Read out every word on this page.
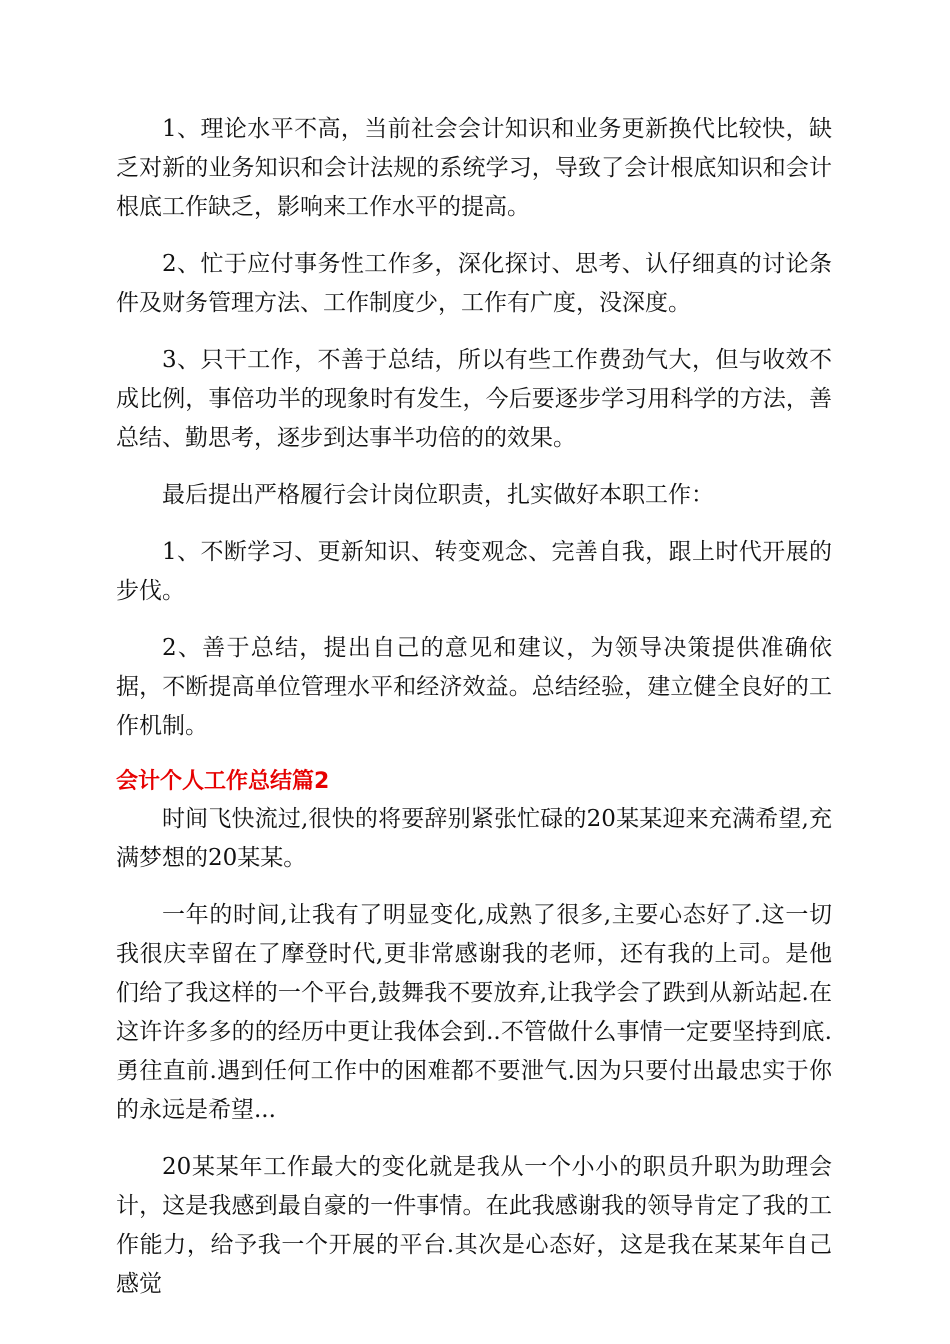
1、理论水平不高，当前社会会计知识和业务更新换代比较快，缺乏对新的业务知识和会计法规的系统学习，导致了会计根底知识和会计根底工作缺乏，影响来工作水平的提高。

2、忙于应付事务性工作多，深化探讨、思考、认仔细真的讨论条件及财务管理方法、工作制度少，工作有广度，没深度。

3、只干工作，不善于总结，所以有些工作费劲气大，但与收效不成比例，事倍功半的现象时有发生，今后要逐步学习用科学的方法，善总结、勤思考，逐步到达事半功倍的的效果。

最后提出严格履行会计岗位职责，扎实做好本职工作：

1、不断学习、更新知识、转变观念、完善自我，跟上时代开展的步伐。

2、善于总结，提出自己的意见和建议，为领导决策提供准确依据，不断提高单位管理水平和经济效益。总结经验，建立健全良好的工作机制。

会计个人工作总结篇2

时间飞快流过,很快的将要辞别紧张忙碌的20某某迎来充满希望,充满梦想的20某某。

一年的时间,让我有了明显变化,成熟了很多,主要心态好了.这一切我很庆幸留在了摩登时代,更非常感谢我的老师，还有我的上司。是他们给了我这样的一个平台,鼓舞我不要放弃,让我学会了跌到从新站起.在这许许多多的的经历中更让我体会到..不管做什么事情一定要坚持到底.勇往直前.遇到任何工作中的困难都不要泄气.因为只要付出最忠实于你的永远是希望...

20某某年工作最大的变化就是我从一个小小的职员升职为助理会计，这是我感到最自豪的一件事情。在此我感谢我的领导肯定了我的工作能力，给予我一个开展的平台.其次是心态好，这是我在某某年自己感觉
